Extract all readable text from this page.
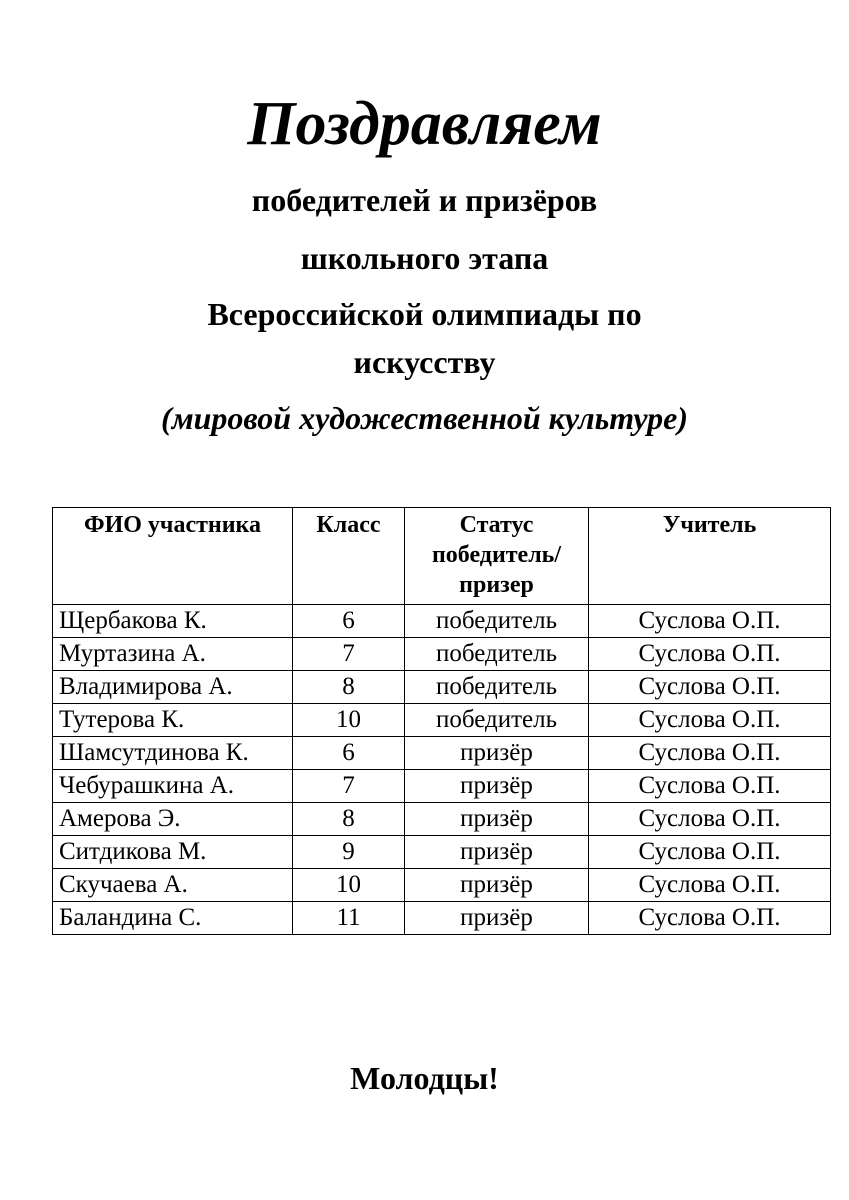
Поздравляем
победителей и призёров
школьного этапа
Всероссийской олимпиады по
искусству
(мировой художественной культуре)
ФИО участника	Класс	Статус победитель/ призер	Учитель
Щербакова К.	6	победитель	Суслова О.П.
Муртазина А.	7	победитель	Суслова О.П.
Владимирова А.	8	победитель	Суслова О.П.
Тутерова К.	10	победитель	Суслова О.П.
Шамсутдинова К.	6	призёр	Суслова О.П.
Чебурашкина А.	7	призёр	Суслова О.П.
Амерова Э.	8	призёр	Суслова О.П.
Ситдикова М.	9	призёр	Суслова О.П.
Скучаева А.	10	призёр	Суслова О.П.
Баландина С.	11	призёр	Суслова О.П.
Молодцы!
